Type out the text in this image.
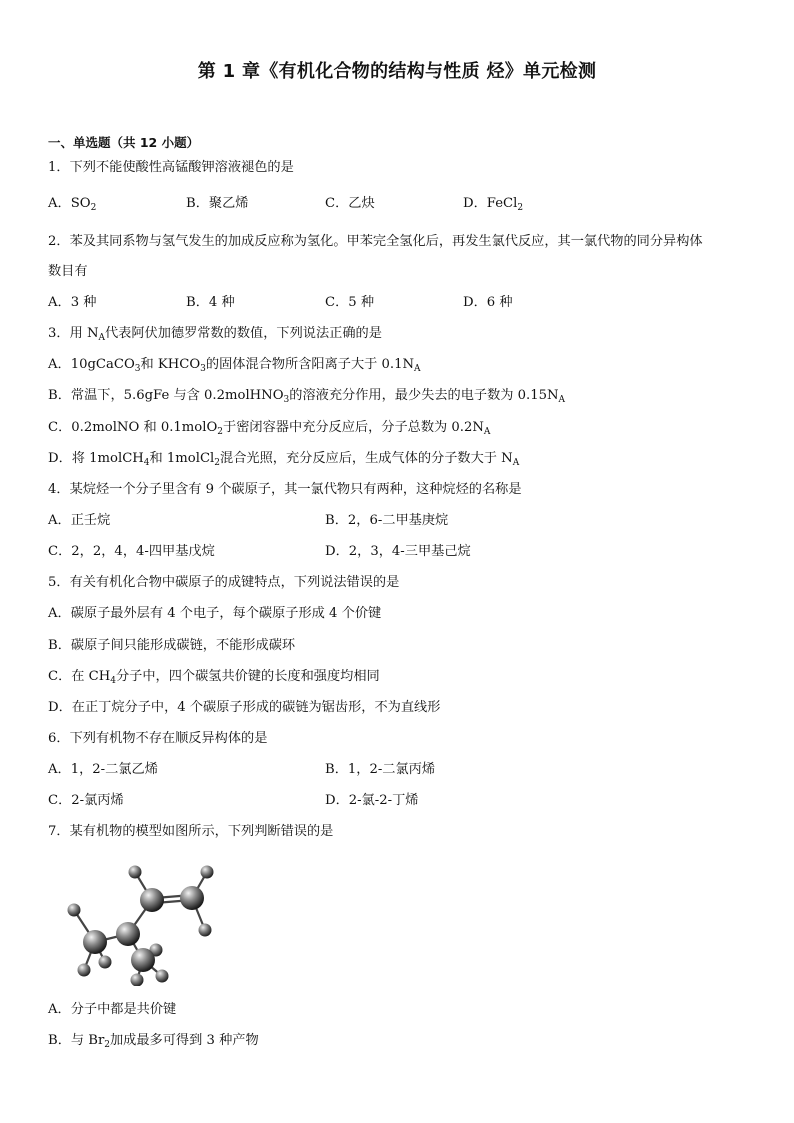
第 1 章《有机化合物的结构与性质 烃》单元检测
一、单选题（共 12 小题）
1．下列不能使酸性高锰酸钾溶液褪色的是
A．$SO_2$	B．聚乙烯	C．乙炔	D．FeCl$_2$
2．苯及其同系物与氢气发生的加成反应称为氢化。甲苯完全氢化后，再发生氯代反应，其一氯代物的同分异构体
数目有
A．3 种	B．4 种	C．5 种	D．6 种
3．用 $N_A$代表阿伏加德罗常数的数值，下列说法正确的是
A．10gCaCO$_3$和 $KHCO_3$的固体混合物所含阳离子大于 $0.1N_A$
B．常温下，5.6gFe 与含 0.2molHNO$_3$的溶液充分作用，最少失去的电子数为 $0.15N_A$
C．0.2molNO 和 0.1molO$_2$于密闭容器中充分反应后，分子总数为 $0.2N_A$
D．将 1molCH$_4$和 1molCl$_2$混合光照，充分反应后，生成气体的分子数大于 $N_A$
4．某烷烃一个分子里含有 9 个碳原子，其一氯代物只有两种，这种烷烃的名称是
A．正壬烷	B．2，6-二甲基庚烷
C．2，2，4，4-四甲基戊烷	D．2，3，4-三甲基己烷
5．有关有机化合物中碳原子的成键特点，下列说法错误的是
A．碳原子最外层有 4 个电子，每个碳原子形成 4 个价键
B．碳原子间只能形成碳链，不能形成碳环
C．在 $CH_4$分子中，四个碳氢共价键的长度和强度均相同
D．在正丁烷分子中，4 个碳原子形成的碳链为锯齿形，不为直线形
6．下列有机物不存在顺反异构体的是
A．1，2-二氯乙烯	B．1，2-二氯丙烯
C．2-氯丙烯	D．2-氯-2-丁烯
7．某有机物的模型如图所示，下列判断错误的是
A．分子中都是共价键
B．与 $Br_2$加成最多可得到 3 种产物
